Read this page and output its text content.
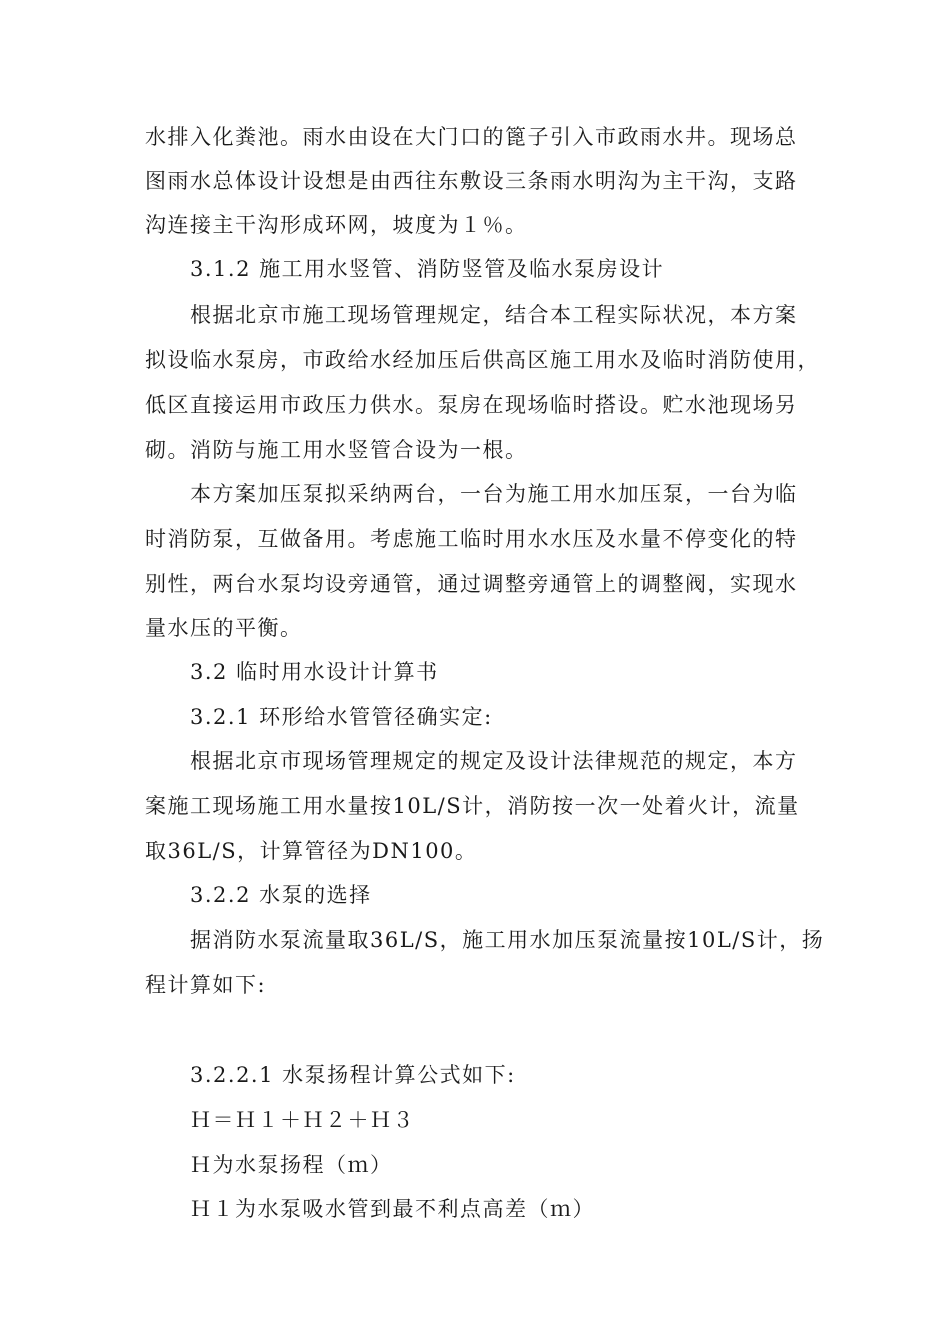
水排入化粪池。雨水由设在大门口的篦子引入市政雨水井。现场总
图雨水总体设计设想是由西往东敷设三条雨水明沟为主干沟，支路
沟连接主干沟形成环网，坡度为１％。
3.1.2 施工用水竖管、消防竖管及临水泵房设计
根据北京市施工现场管理规定，结合本工程实际状况，本方案
拟设临水泵房，市政给水经加压后供高区施工用水及临时消防使用，
低区直接运用市政压力供水。泵房在现场临时搭设。贮水池现场另
砌。消防与施工用水竖管合设为一根。
本方案加压泵拟采纳两台，一台为施工用水加压泵，一台为临
时消防泵，互做备用。考虑施工临时用水水压及水量不停变化的特
别性，两台水泵均设旁通管，通过调整旁通管上的调整阀，实现水
量水压的平衡。
3.2 临时用水设计计算书
3.2.1 环形给水管管径确实定:
根据北京市现场管理规定的规定及设计法律规范的规定，本方
案施工现场施工用水量按10L/S计，消防按一次一处着火计，流量
取36L/S，计算管径为DN100。
3.2.2 水泵的选择
据消防水泵流量取36L/S，施工用水加压泵流量按10L/S计，扬
程计算如下:
3.2.2.1 水泵扬程计算公式如下:
Ｈ＝Ｈ１＋Ｈ２＋Ｈ３
Ｈ为水泵扬程（ｍ）
Ｈ１为水泵吸水管到最不利点高差（ｍ）
